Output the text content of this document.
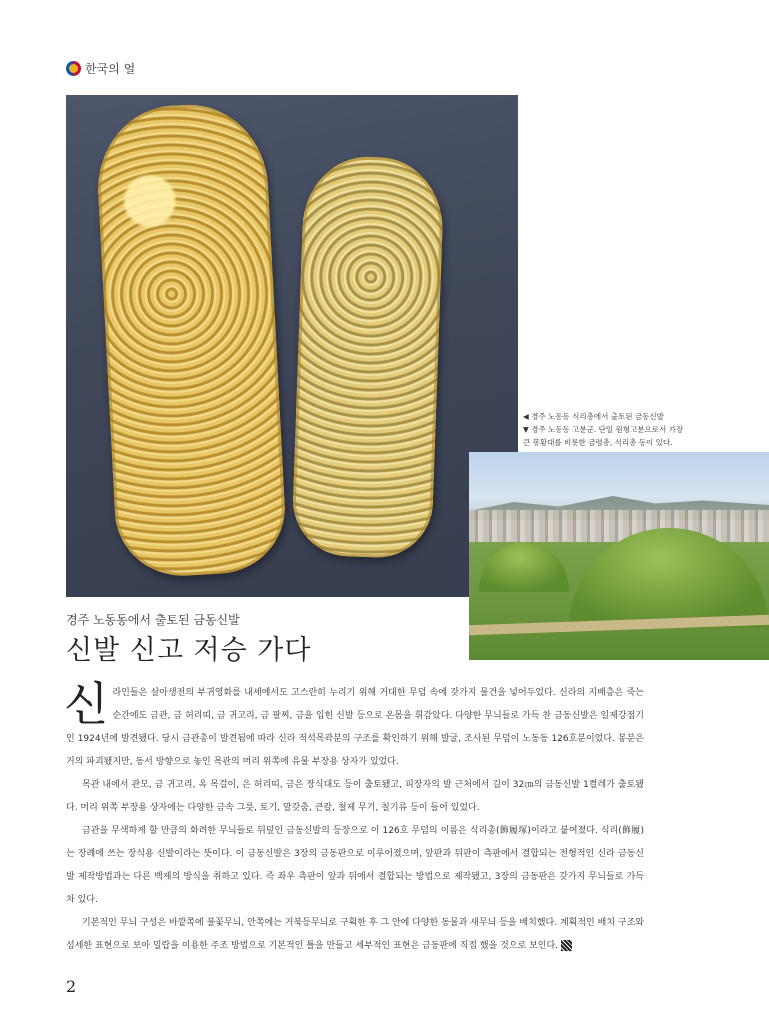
한국의 얼
◀ 경주 노동동 식리총에서 출토된 금동신발
▼ 경주 노동동 고분군. 단일 원형고분으로서 가장
큰 봉황대를 비롯한 금령총, 식리총 등이 있다.
경주 노동동에서 출토된 금동신발
신발 신고 저승 가다
신 라인들은 살아생전의 부귀영화를 내세에서도 고스란히 누리기 위해 거대한 무덤 속에 갖가지 물건을 넣어두었다. 신라의 지배층은 죽는 순간에도 금관, 금 허리띠, 금 귀고리, 금 팔찌, 금을 입힌 신발 등으로 온몸을 휘감았다. 다양한 무늬들로 가득 찬 금동신발은 일제강점기인 1924년에 발견됐다. 당시 금관총이 발견됨에 따라 신라 적석목곽분의 구조를 확인하기 위해 발굴, 조사된 무덤이 노동동 126호분이었다. 봉분은 거의 파괴됐지만, 동서 방향으로 놓인 목관의 머리 위쪽에 유물 부장용 상자가 있었다.

목관 내에서 관모, 금 귀고리, 옥 목걸이, 은 허리띠, 금은 장식대도 등이 출토됐고, 피장자의 발 근처에서 길이 32㎝의 금동신발 1켤레가 출토됐다. 머리 위쪽 부장용 상자에는 다양한 금속 그릇, 토기, 말갖춤, 큰칼, 철제 무기, 칠기류 등이 들어 있었다.

금관을 무색하게 할 만큼의 화려한 무늬들로 뒤덮인 금동신발의 등장으로 이 126호 무덤의 이름은 식리총(飾履塚)이라고 붙여졌다. 식리(飾履)는 장례에 쓰는 장식용 신발이라는 뜻이다. 이 금동신발은 3장의 금동판으로 이루어졌으며, 앞판과 뒤판이 측판에서 결합되는 전형적인 신라 금동신발 제작방법과는 다른 백제의 방식을 취하고 있다. 즉 좌우 측판이 앞과 뒤에서 결합되는 방법으로 제작됐고, 3장의 금동판은 갖가지 무늬들로 가득 차 있다.

기본적인 무늬 구성은 바깥쪽에 불꽃무늬, 안쪽에는 거북등무늬로 구획한 후 그 안에 다양한 동물과 새무늬 등을 배치했다. 계획적인 배치 구조와 섬세한 표현으로 보아 밀랍을 이용한 주조 방법으로 기본적인 틀을 만들고 세부적인 표현은 금동판에 직접 했을 것으로 보인다.

2
